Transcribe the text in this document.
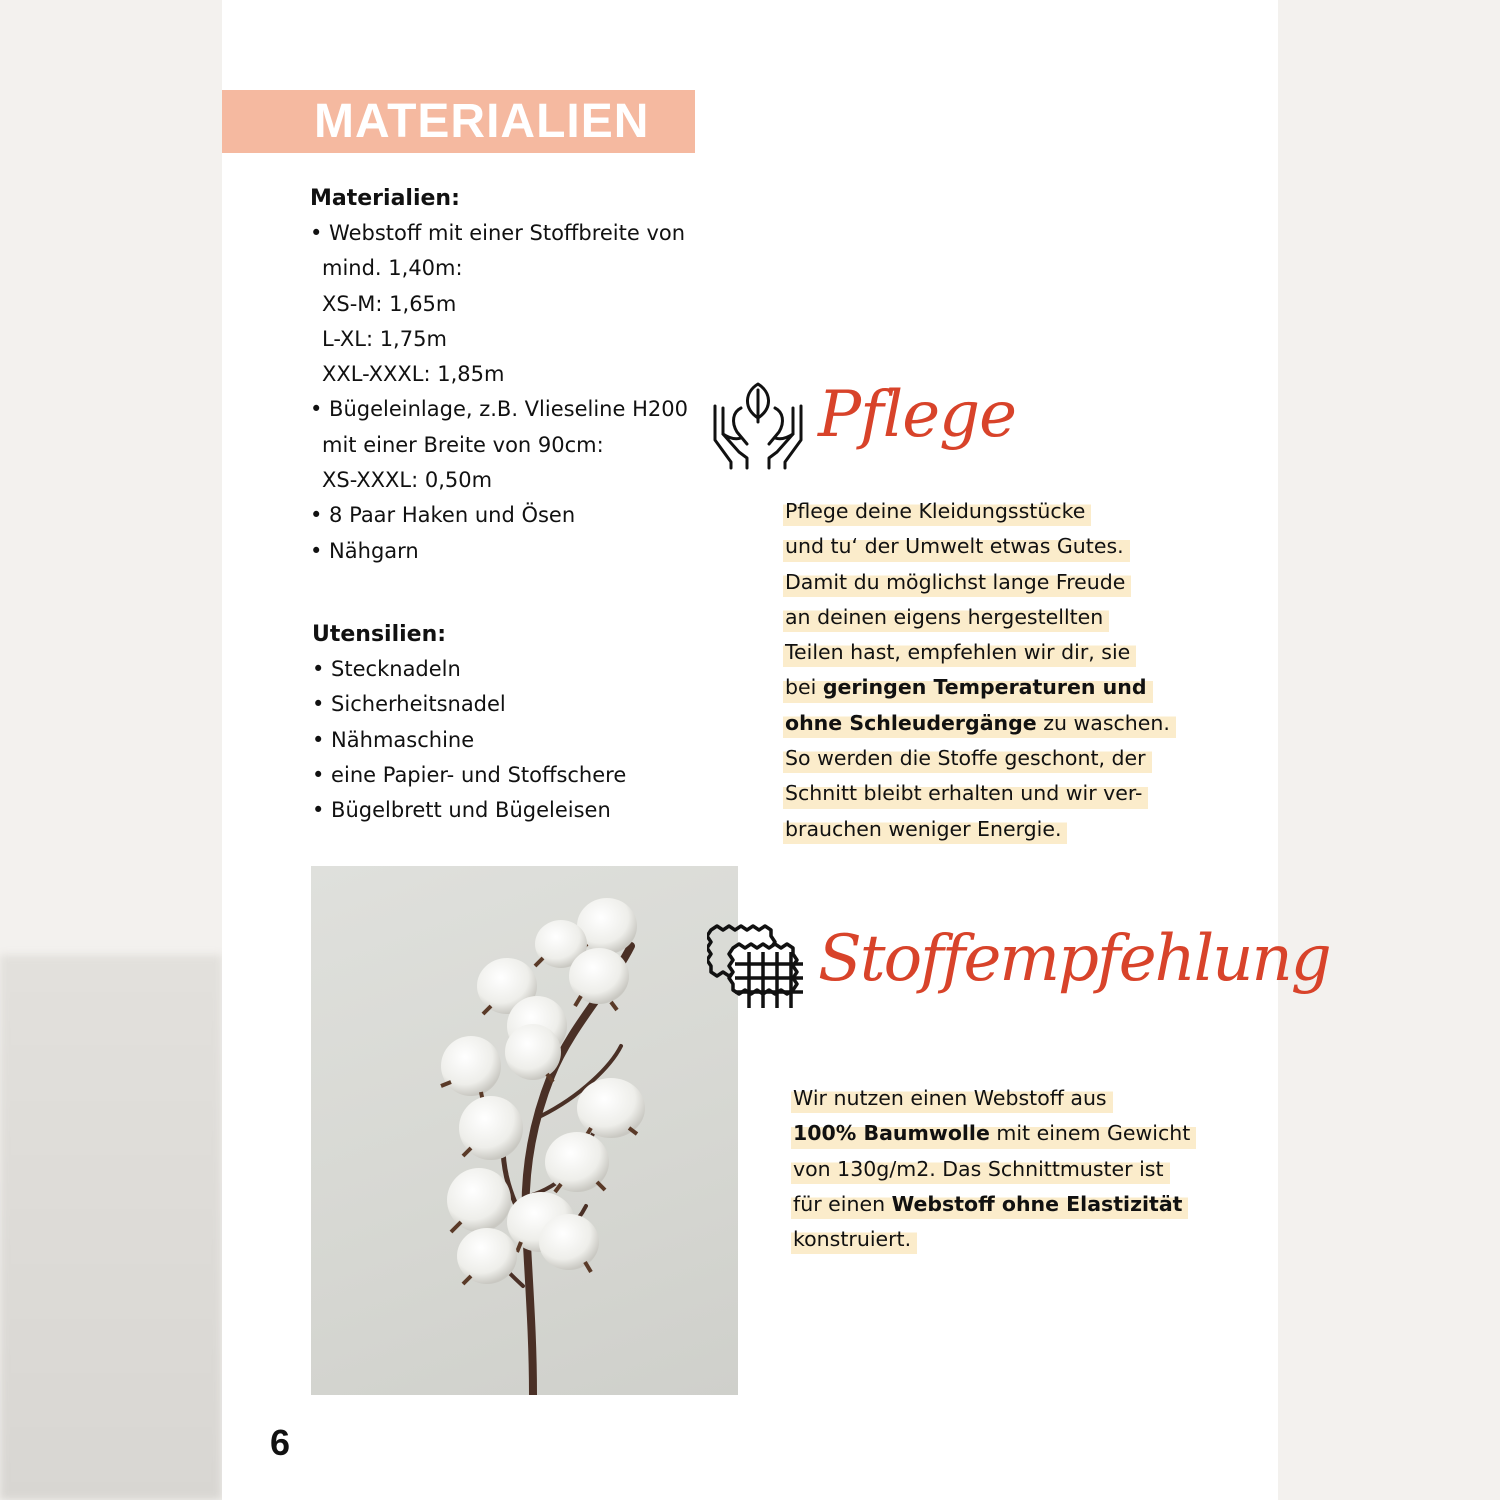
MATERIALIEN
Materialien:
• Webstoff mit einer Stoffbreite von
mind. 1,40m:
XS-M: 1,65m
L-XL: 1,75m
XXL-XXXL: 1,85m
• Bügeleinlage, z.B. Vlieseline H200
mit einer Breite von 90cm:
XS-XXXL: 0,50m
• 8 Paar Haken und Ösen
• Nähgarn
Utensilien:
• Stecknadeln
• Sicherheitsnadel
• Nähmaschine
• eine Papier- und Stoffschere
• Bügelbrett und Bügeleisen
Pflege
Pflege deine Kleidungsstücke
und tu‘ der Umwelt etwas Gutes.
Damit du möglichst lange Freude
an deinen eigens hergestellten
Teilen hast, empfehlen wir dir, sie
bei geringen Temperaturen und
ohne Schleudergänge zu waschen.
So werden die Stoffe geschont, der
Schnitt bleibt erhalten und wir ver-
brauchen weniger Energie.
Stoffempfehlung
Wir nutzen einen Webstoff aus
100% Baumwolle mit einem Gewicht
von 130g/m2. Das Schnittmuster ist
für einen Webstoff ohne Elastizität
konstruiert.
6
